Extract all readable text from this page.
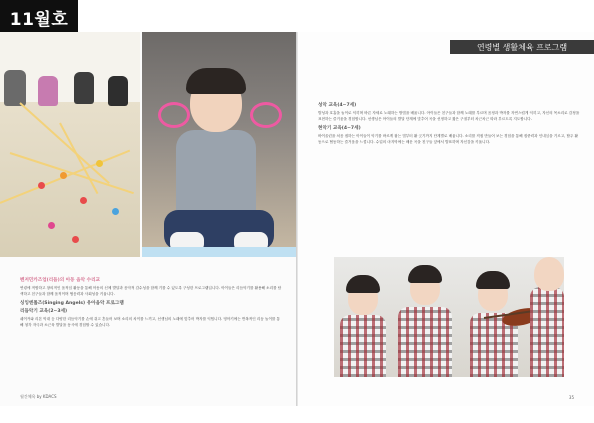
11월호
벤저민카즈업(리듬)의 아동 음악 수리교

연령에 적합하고 창의적인 움직임 활동을 통해 아동의 신체 발달과 음악적 감수성을 함께 기를 수 있도록 구성한 프로그램입니다. 아이들은 리듬악기를 활용해 소리를 탐색하고 친구들과 함께 움직이며 협응력과 사회성을 키웁니다.

싱잉엔롤즈(Singing Angels) 유아음악 프로그램
리듬악기 교육(2~3세)

쉐이커와 리본 막대 등 다양한 리듬악기를 손에 쥐고 흔들어 보며 소리의 차이를 느끼고, 선생님의 노래에 맞추어 박자를 익힙니다. 영아기에는 반복적인 리듬 놀이를 통해 청각 자극과 소근육 발달을 동시에 경험할 수 있습니다.

월간체육 by KDACS
성악 교육(4~7세)

발성과 호흡을 놀이로 익히며 바른 자세로 노래하는 방법을 배웁니다. 아이들은 친구들과 함께 노래를 부르며 음정과 박자를 자연스럽게 익히고, 자신의 목소리로 감정을 표현하는 즐거움을 경험합니다. 선생님은 아이들의 발달 단계에 맞추어 곡을 선정하고 짧은 구절부터 차근차근 따라 부르도록 지도합니다.

현악기 교육(4~7세)

바이올린을 처음 접하는 아이들이 악기를 바르게 잡는 법부터 활 긋기까지 단계별로 배웁니다. 소리를 직접 만들어 보는 경험을 통해 집중력과 인내심을 기르고, 합주 활동으로 협동하는 즐거움을 느낍니다. 수업의 마지막에는 배운 곡을 친구들 앞에서 발표하며 자신감을 키웁니다.

35
연령별 생활체육 프로그램
